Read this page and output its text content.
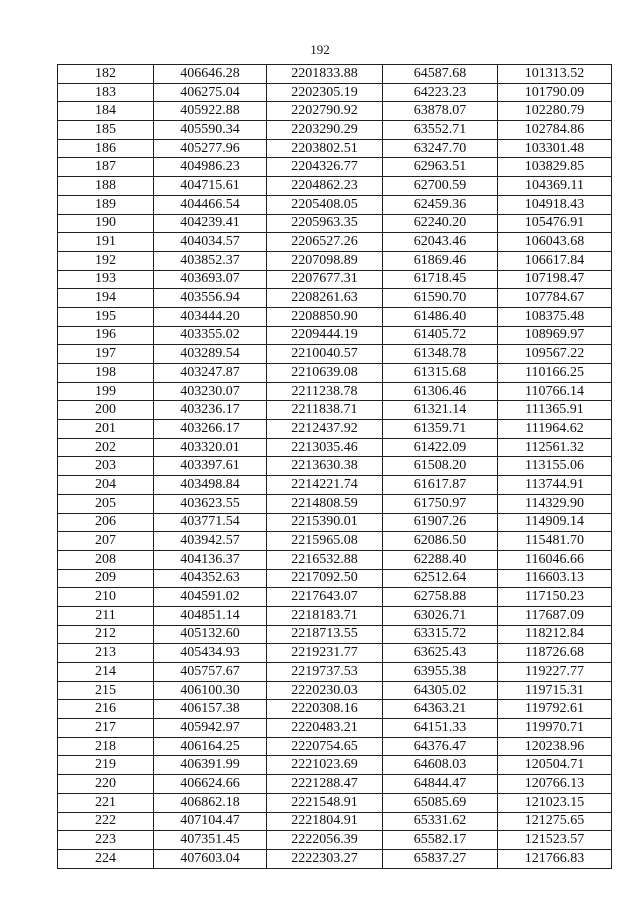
192
182	406646.28	2201833.88	64587.68	101313.52
183	406275.04	2202305.19	64223.23	101790.09
184	405922.88	2202790.92	63878.07	102280.79
185	405590.34	2203290.29	63552.71	102784.86
186	405277.96	2203802.51	63247.70	103301.48
187	404986.23	2204326.77	62963.51	103829.85
188	404715.61	2204862.23	62700.59	104369.11
189	404466.54	2205408.05	62459.36	104918.43
190	404239.41	2205963.35	62240.20	105476.91
191	404034.57	2206527.26	62043.46	106043.68
192	403852.37	2207098.89	61869.46	106617.84
193	403693.07	2207677.31	61718.45	107198.47
194	403556.94	2208261.63	61590.70	107784.67
195	403444.20	2208850.90	61486.40	108375.48
196	403355.02	2209444.19	61405.72	108969.97
197	403289.54	2210040.57	61348.78	109567.22
198	403247.87	2210639.08	61315.68	110166.25
199	403230.07	2211238.78	61306.46	110766.14
200	403236.17	2211838.71	61321.14	111365.91
201	403266.17	2212437.92	61359.71	111964.62
202	403320.01	2213035.46	61422.09	112561.32
203	403397.61	2213630.38	61508.20	113155.06
204	403498.84	2214221.74	61617.87	113744.91
205	403623.55	2214808.59	61750.97	114329.90
206	403771.54	2215390.01	61907.26	114909.14
207	403942.57	2215965.08	62086.50	115481.70
208	404136.37	2216532.88	62288.40	116046.66
209	404352.63	2217092.50	62512.64	116603.13
210	404591.02	2217643.07	62758.88	117150.23
211	404851.14	2218183.71	63026.71	117687.09
212	405132.60	2218713.55	63315.72	118212.84
213	405434.93	2219231.77	63625.43	118726.68
214	405757.67	2219737.53	63955.38	119227.77
215	406100.30	2220230.03	64305.02	119715.31
216	406157.38	2220308.16	64363.21	119792.61
217	405942.97	2220483.21	64151.33	119970.71
218	406164.25	2220754.65	64376.47	120238.96
219	406391.99	2221023.69	64608.03	120504.71
220	406624.66	2221288.47	64844.47	120766.13
221	406862.18	2221548.91	65085.69	121023.15
222	407104.47	2221804.91	65331.62	121275.65
223	407351.45	2222056.39	65582.17	121523.57
224	407603.04	2222303.27	65837.27	121766.83
